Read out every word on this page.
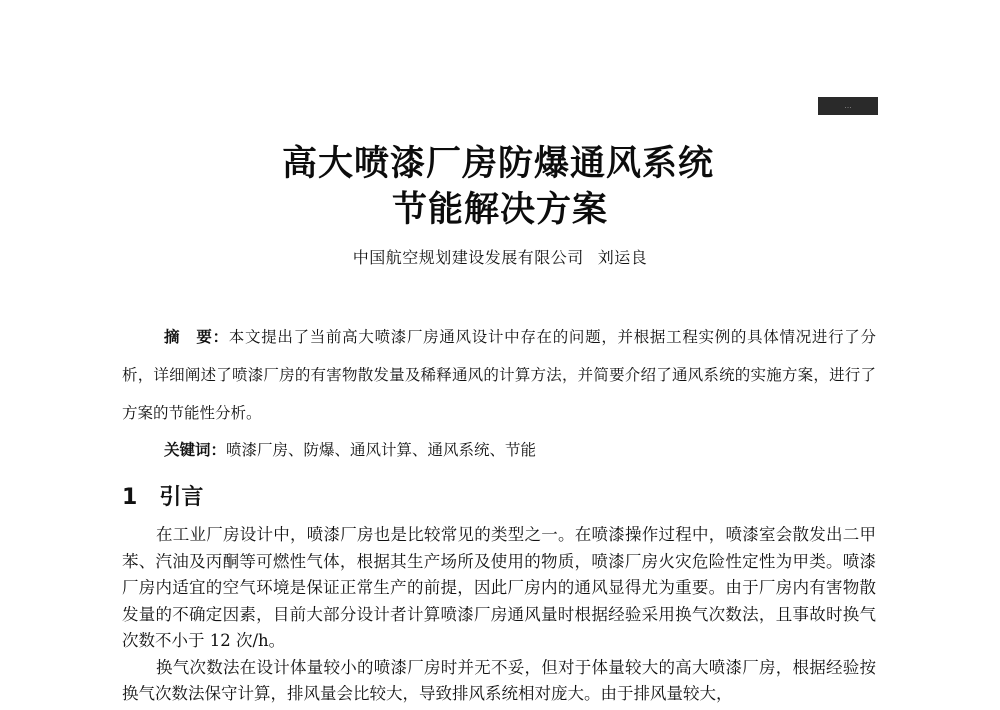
...
高大喷漆厂房防爆通风系统
节能解决方案
中国航空规划建设发展有限公司 刘运良

摘　要：本文提出了当前高大喷漆厂房通风设计中存在的问题，并根据工程实例的具体情况进行了分析，详细阐述了喷漆厂房的有害物散发量及稀释通风的计算方法，并简要介绍了通风系统的实施方案，进行了方案的节能性分析。

关键词：喷漆厂房、防爆、通风计算、通风系统、节能

1 引言

在工业厂房设计中，喷漆厂房也是比较常见的类型之一。在喷漆操作过程中，喷漆室会散发出二甲苯、汽油及丙酮等可燃性气体，根据其生产场所及使用的物质，喷漆厂房火灾危险性定性为甲类。喷漆厂房内适宜的空气环境是保证正常生产的前提，因此厂房内的通风显得尤为重要。由于厂房内有害物散发量的不确定因素，目前大部分设计者计算喷漆厂房通风量时根据经验采用换气次数法，且事故时换气次数不小于 12 次/h。

换气次数法在设计体量较小的喷漆厂房时并无不妥，但对于体量较大的高大喷漆厂房，根据经验按换气次数法保守计算，排风量会比较大，导致排风系统相对庞大。由于排风量较大，
